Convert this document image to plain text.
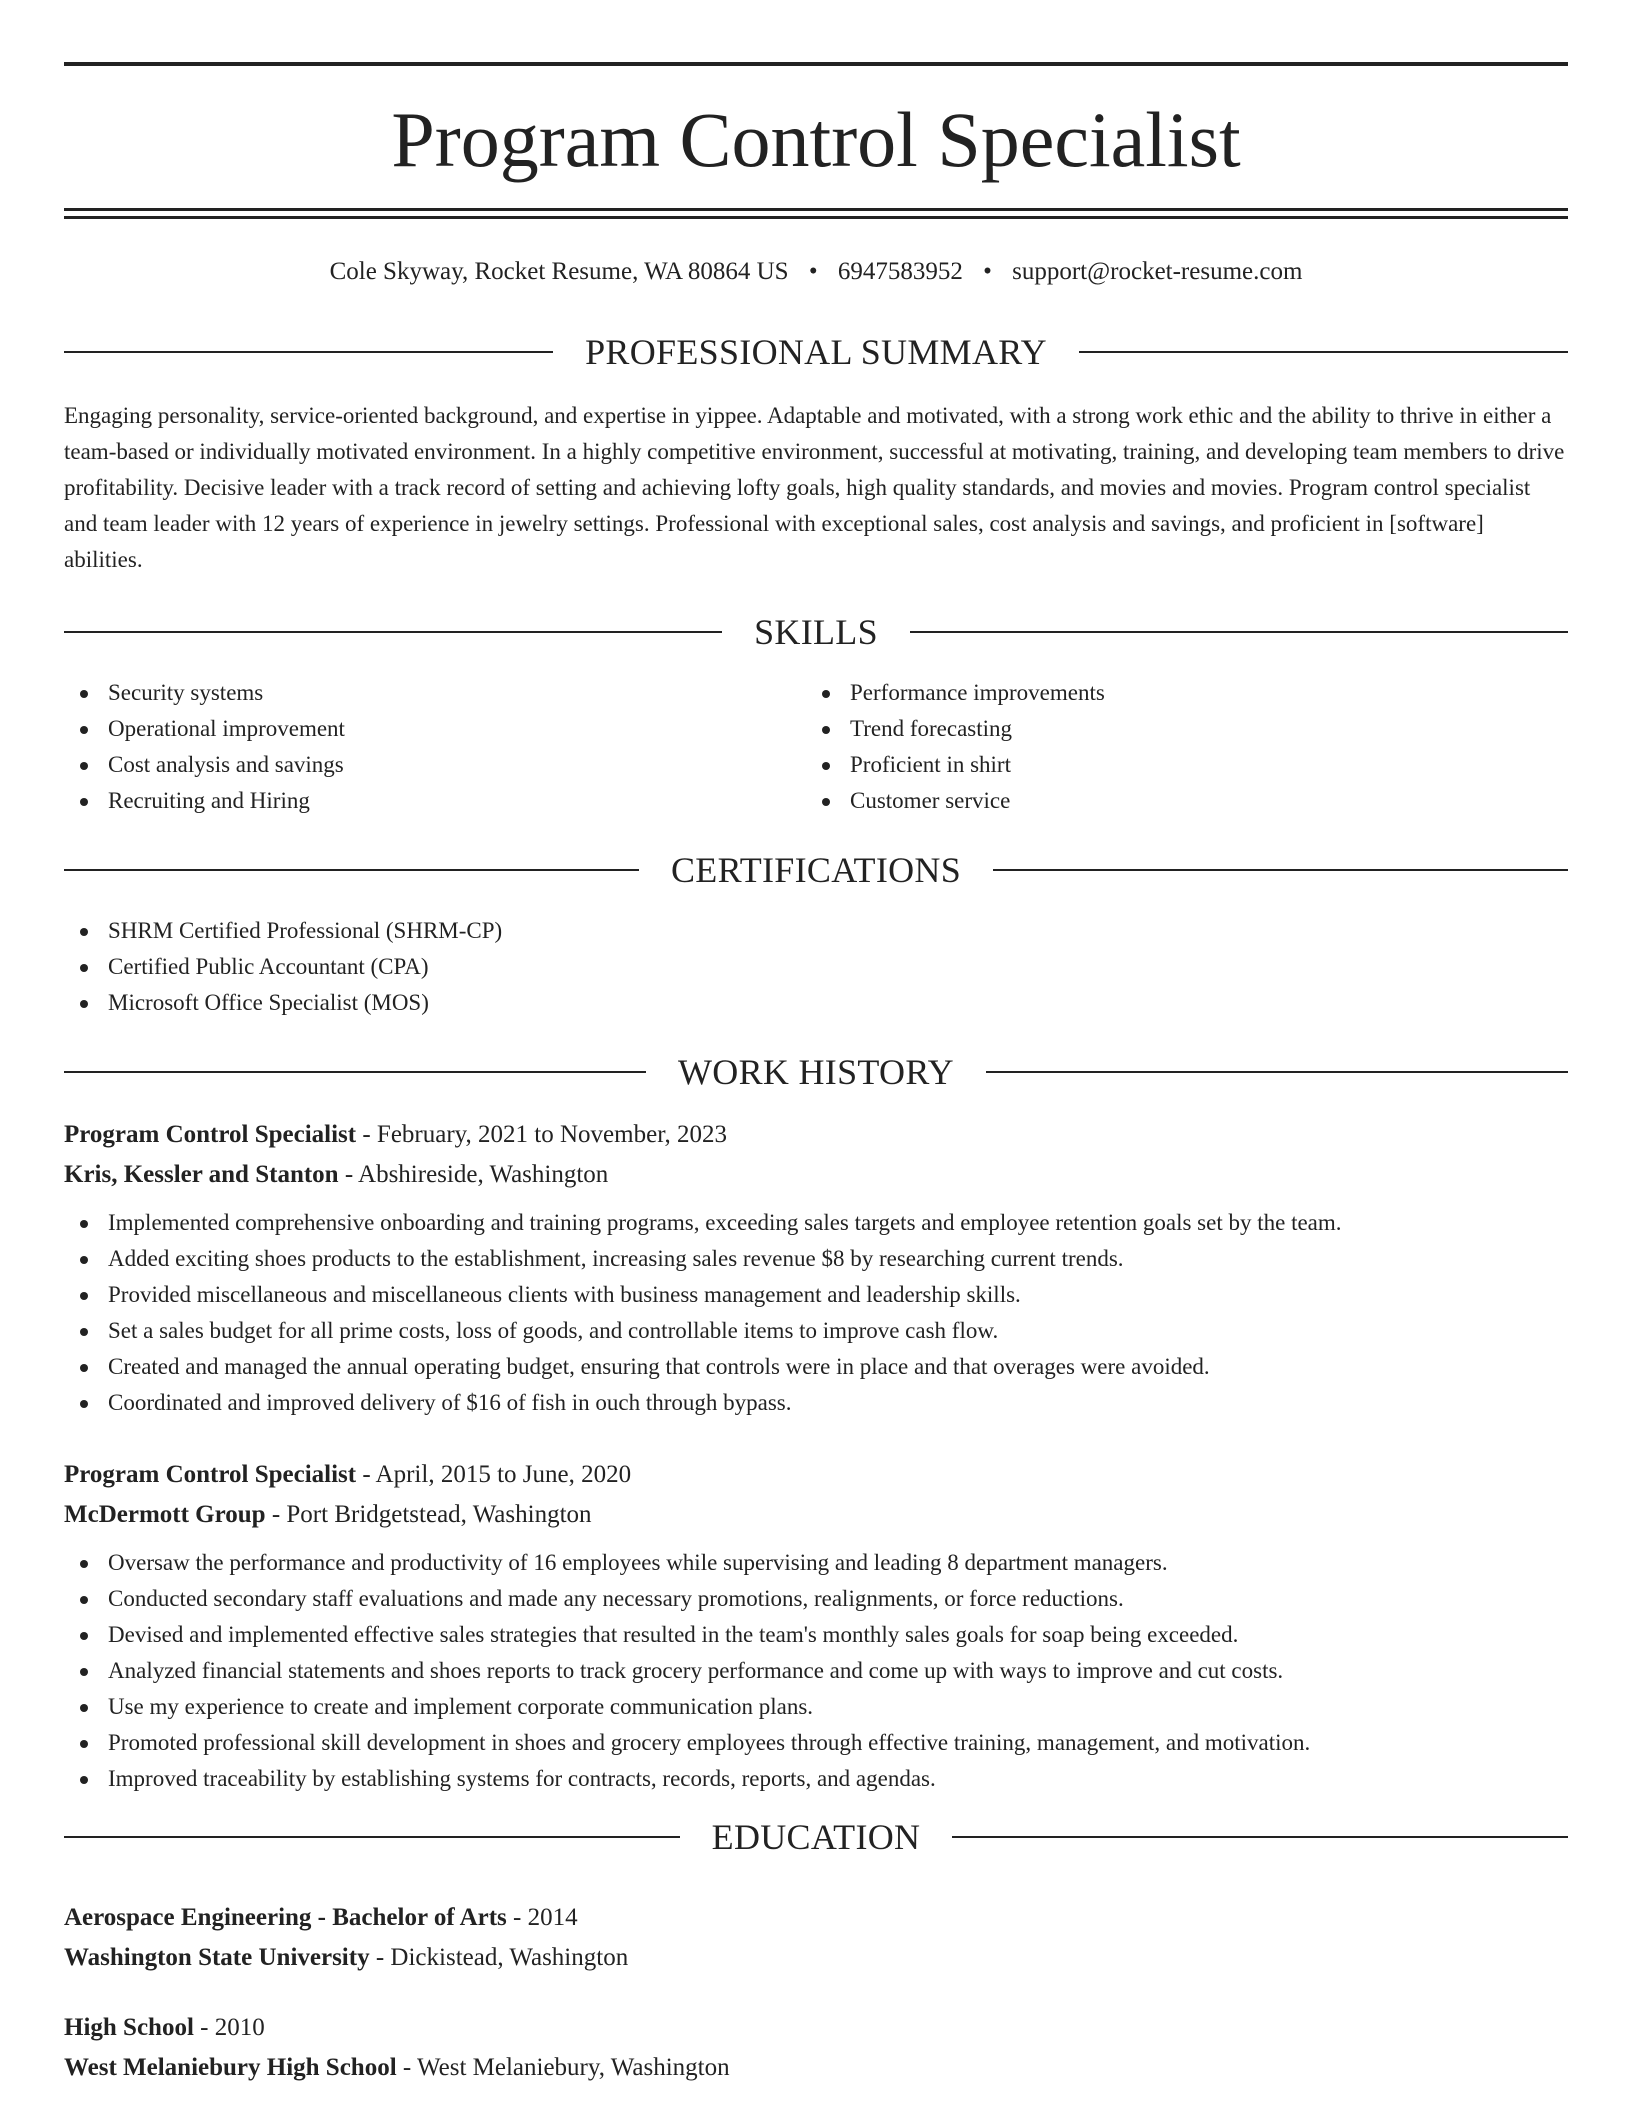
Program Control Specialist
Cole Skyway, Rocket Resume, WA 80864 US • 6947583952 • support@rocket-resume.com
PROFESSIONAL SUMMARY

Engaging personality, service-oriented background, and expertise in yippee. Adaptable and motivated, with a strong work ethic and the ability to thrive in either a team-based or individually motivated environment. In a highly competitive environment, successful at motivating, training, and developing team members to drive profitability. Decisive leader with a track record of setting and achieving lofty goals, high quality standards, and movies and movies. Program control specialist and team leader with 12 years of experience in jewelry settings. Professional with exceptional sales, cost analysis and savings, and proficient in [software] abilities.

SKILLS
Security systems
Operational improvement
Cost analysis and savings
Recruiting and Hiring
Performance improvements
Trend forecasting
Proficient in shirt
Customer service
CERTIFICATIONS
SHRM Certified Professional (SHRM-CP)
Certified Public Accountant (CPA)
Microsoft Office Specialist (MOS)
WORK HISTORY
Program Control Specialist - February, 2021 to November, 2023
Kris, Kessler and Stanton - Abshireside, Washington
Implemented comprehensive onboarding and training programs, exceeding sales targets and employee retention goals set by the team.
Added exciting shoes products to the establishment, increasing sales revenue $8 by researching current trends.
Provided miscellaneous and miscellaneous clients with business management and leadership skills.
Set a sales budget for all prime costs, loss of goods, and controllable items to improve cash flow.
Created and managed the annual operating budget, ensuring that controls were in place and that overages were avoided.
Coordinated and improved delivery of $16 of fish in ouch through bypass.
Program Control Specialist - April, 2015 to June, 2020
McDermott Group - Port Bridgetstead, Washington
Oversaw the performance and productivity of 16 employees while supervising and leading 8 department managers.
Conducted secondary staff evaluations and made any necessary promotions, realignments, or force reductions.
Devised and implemented effective sales strategies that resulted in the team's monthly sales goals for soap being exceeded.
Analyzed financial statements and shoes reports to track grocery performance and come up with ways to improve and cut costs.
Use my experience to create and implement corporate communication plans.
Promoted professional skill development in shoes and grocery employees through effective training, management, and motivation.
Improved traceability by establishing systems for contracts, records, reports, and agendas.
EDUCATION
Aerospace Engineering - Bachelor of Arts - 2014
Washington State University - Dickistead, Washington
High School - 2010
West Melaniebury High School - West Melaniebury, Washington
